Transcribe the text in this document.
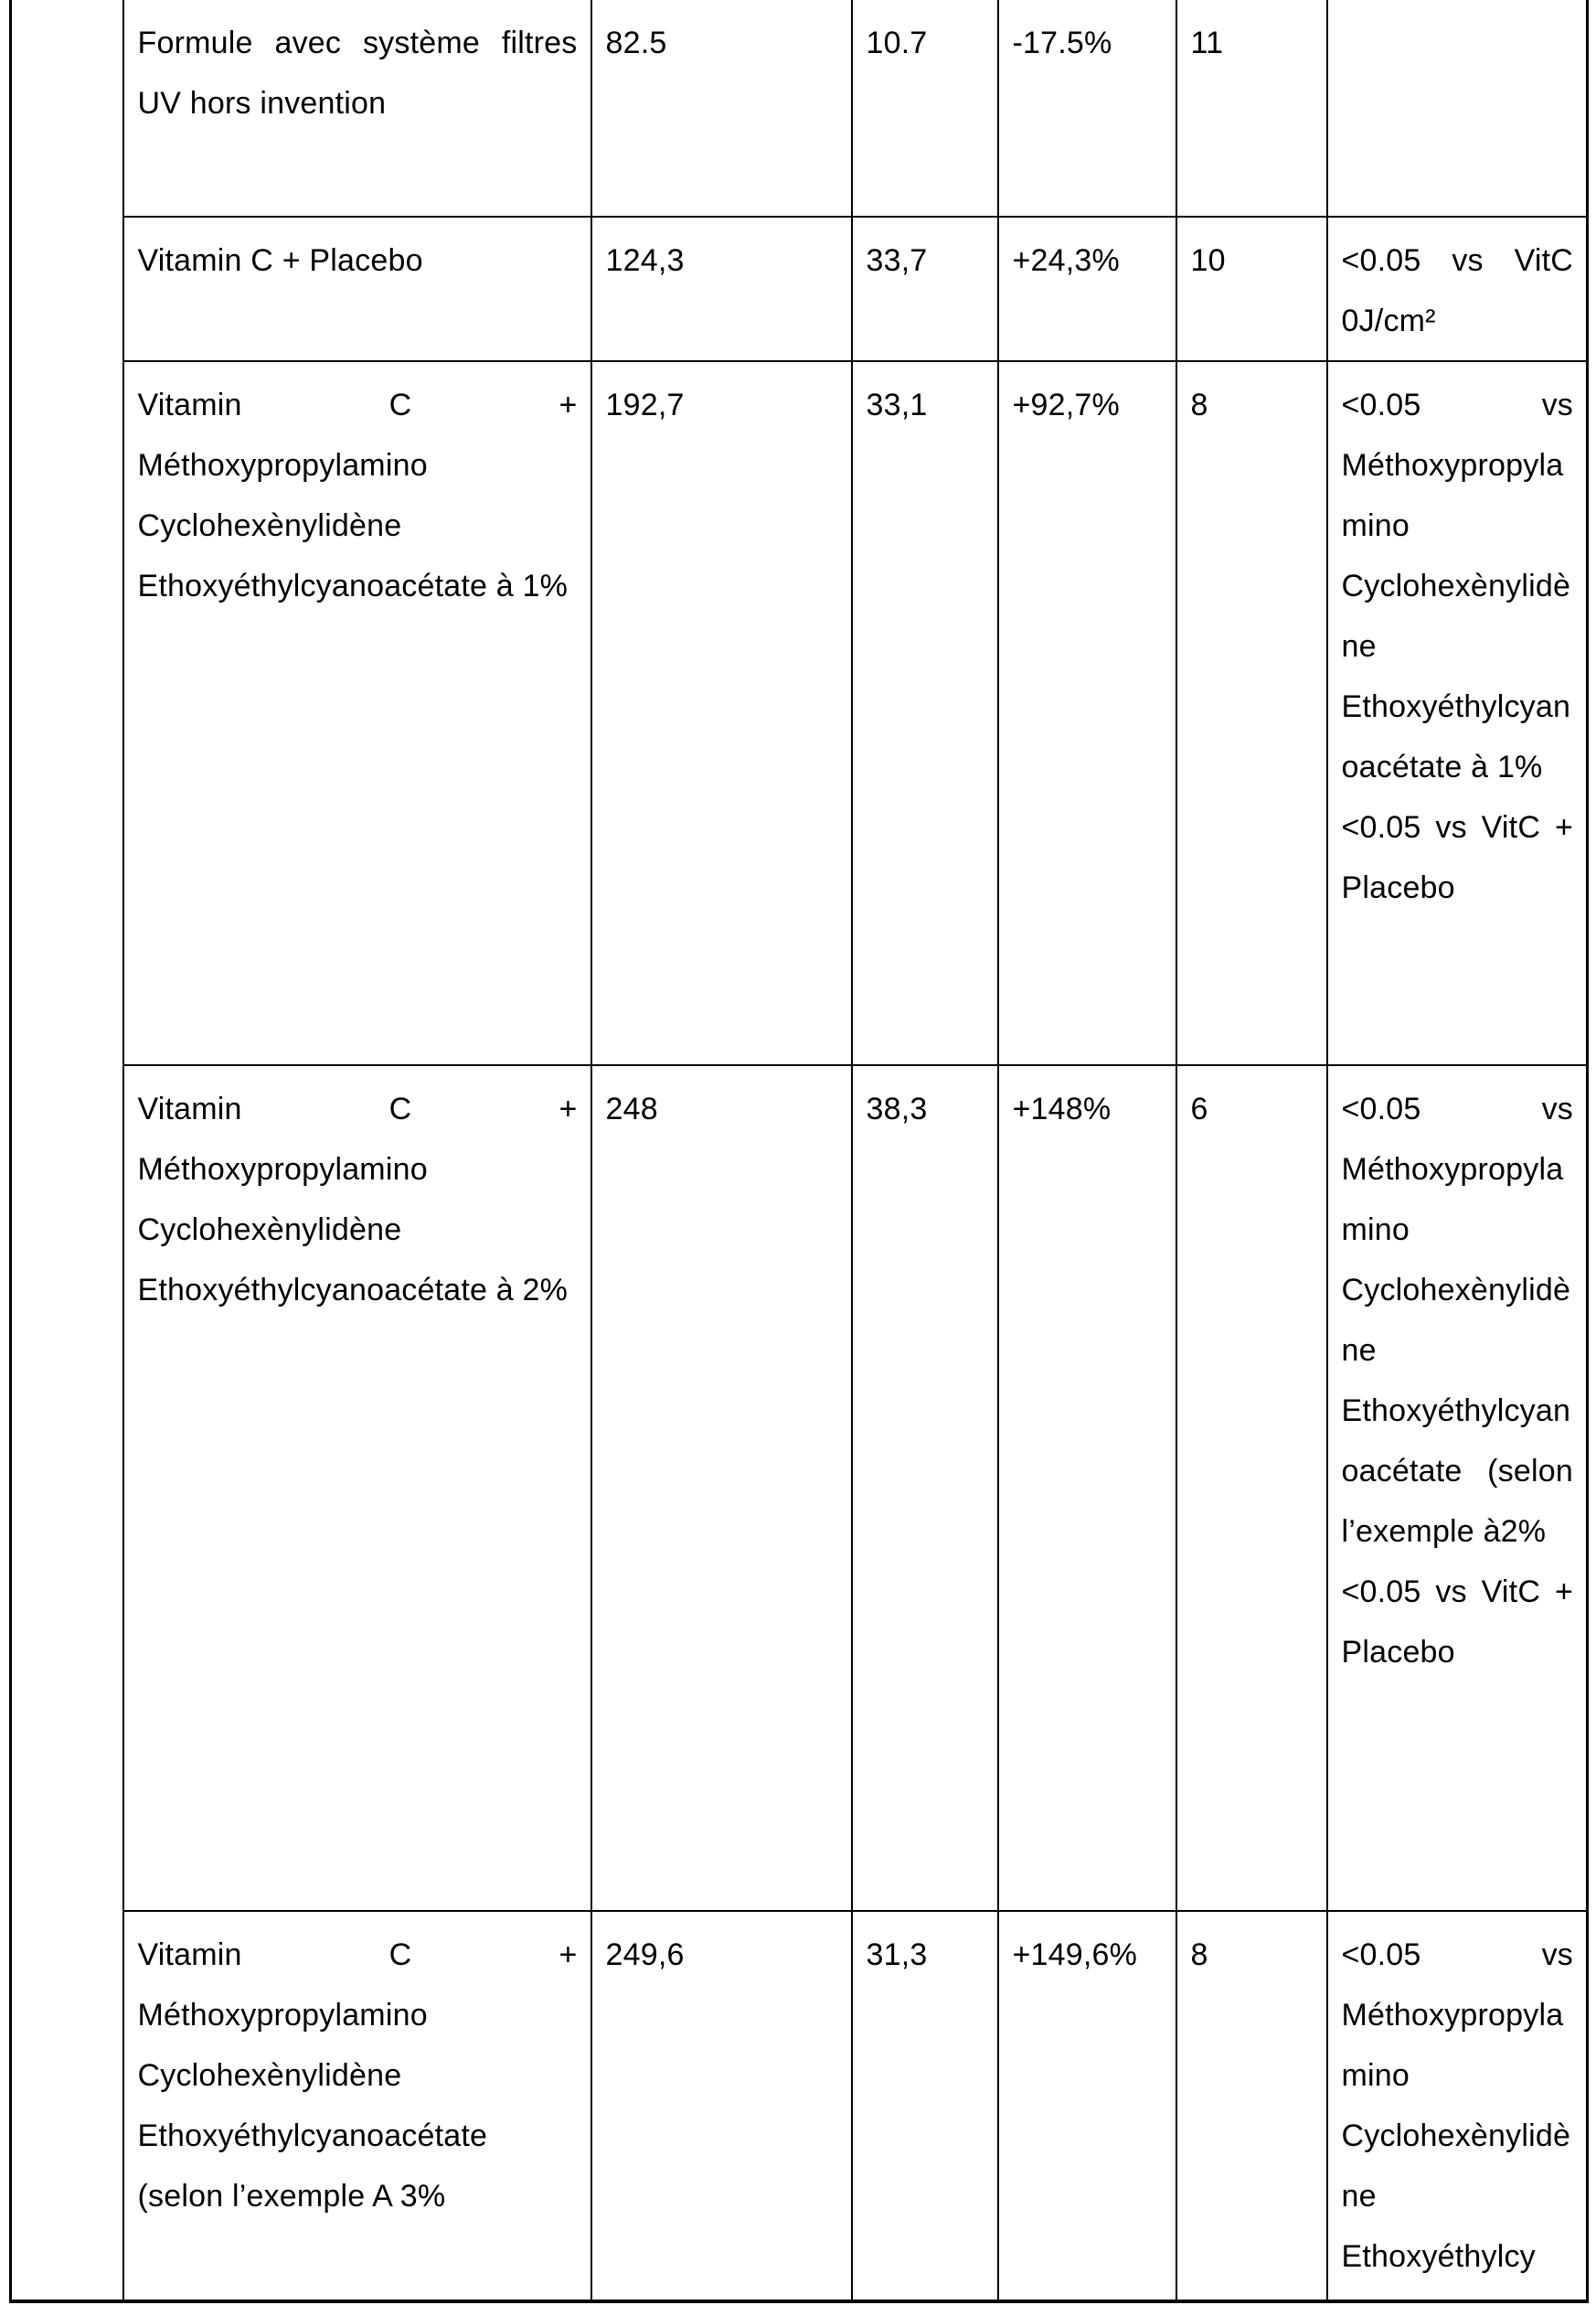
	Formule avec système filtres UV hors invention	82.5	10.7	-17.5%	11	
	Vitamin C + Placebo	124,3	33,7	+24,3%	10	<0.05 vs VitC 0J/cm²
	Vitamin C + Méthoxypropylamino Cyclohexènylidène Ethoxyéthylcyanoacétate à 1%	192,7	33,1	+92,7%	8	<0.05 vs Méthoxypropylamino Cyclohexènylidène Ethoxyéthylcyanoacétate à 1%
<0.05 vs VitC + Placebo
	Vitamin C + Méthoxypropylamino Cyclohexènylidène Ethoxyéthylcyanoacétate à 2%	248	38,3	+148%	6	<0.05 vs Méthoxypropylamino Cyclohexènylidène Ethoxyéthylcyanoacétate (selon l’exemple à2%
<0.05 vs VitC + Placebo
	Vitamin C + Méthoxypropylamino Cyclohexènylidène Ethoxyéthylcyanoacétate (selon l’exemple A 3%	249,6	31,3	+149,6%	8	<0.05 vs Méthoxypropylamino Cyclohexènylidène Ethoxyéthylcy
